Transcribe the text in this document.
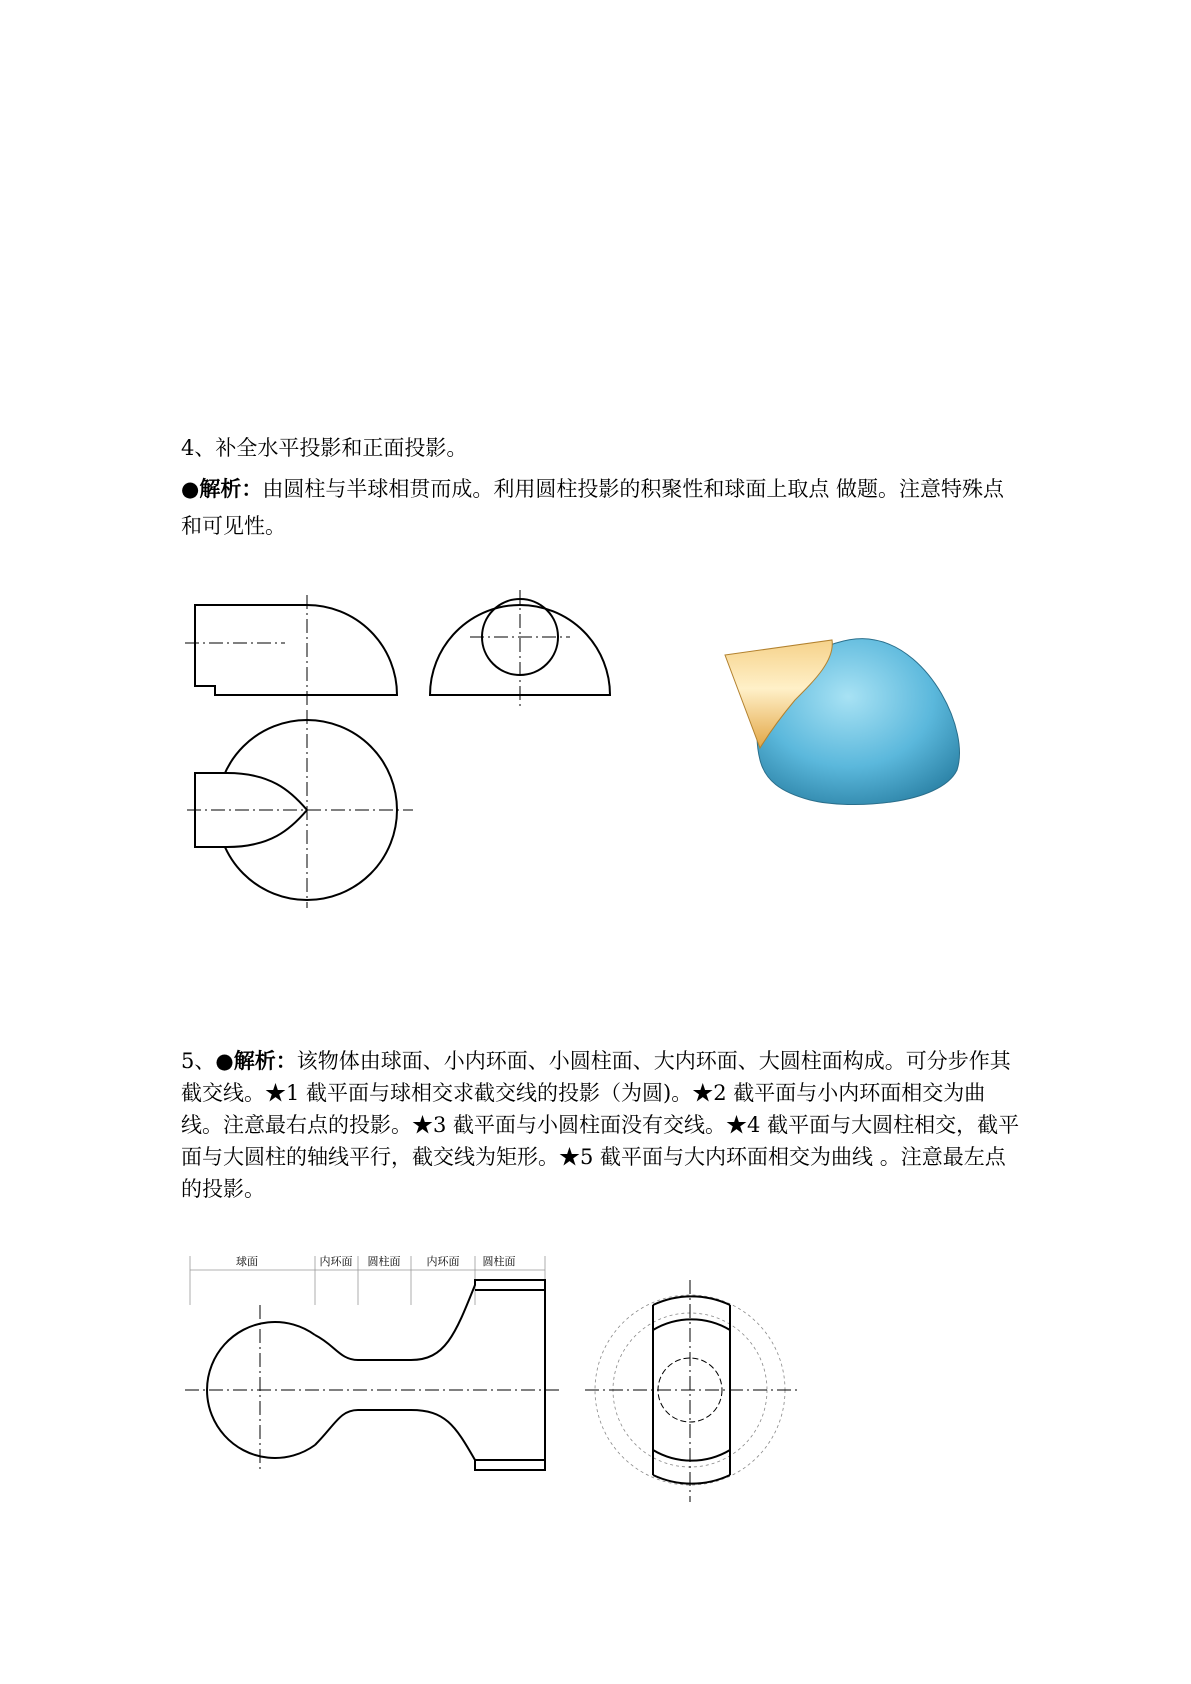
4、补全水平投影和正面投影。
●解析：由圆柱与半球相贯而成。利用圆柱投影的积聚性和球面上取点 做题。注意特殊点和可见性。
5、●解析：该物体由球面、小内环面、小圆柱面、大内环面、大圆柱面构成。可分步作其截交线。★1 截平面与球相交求截交线的投影（为圆)。★2 截平面与小内环面相交为曲线。注意最右点的投影。★3 截平面与小圆柱面没有交线。★4 截平面与大圆柱相交，截平面与大圆柱的轴线平行，截交线为矩形。★5 截平面与大内环面相交为曲线 。注意最左点的投影。
球面	内环面 圆柱面 内环面 圆柱面
